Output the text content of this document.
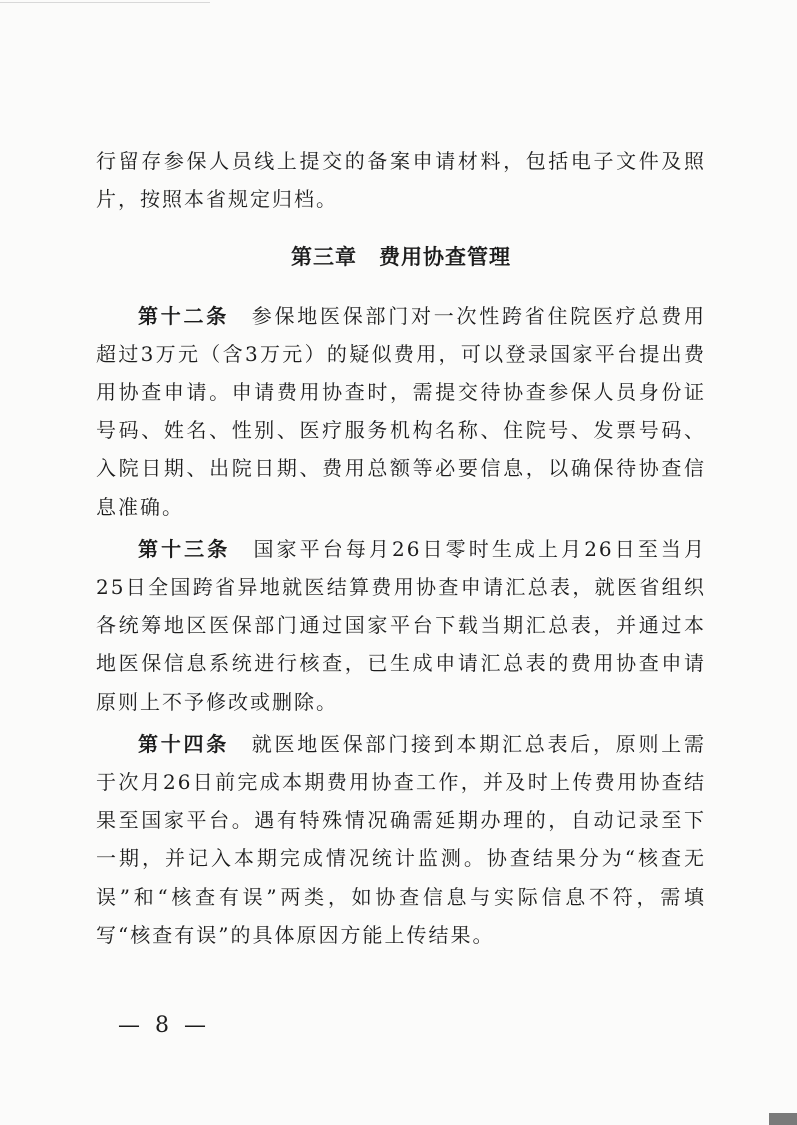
行留存参保人员线上提交的备案申请材料，包括电子文件及照片，按照本省规定归档。

第三章 费用协查管理

第十二条 参保地医保部门对一次性跨省住院医疗总费用超过3万元（含3万元）的疑似费用，可以登录国家平台提出费用协查申请。申请费用协查时，需提交待协查参保人员身份证号码、姓名、性别、医疗服务机构名称、住院号、发票号码、入院日期、出院日期、费用总额等必要信息，以确保待协查信息准确。

第十三条 国家平台每月26日零时生成上月26日至当月25日全国跨省异地就医结算费用协查申请汇总表，就医省组织各统筹地区医保部门通过国家平台下载当期汇总表，并通过本地医保信息系统进行核查，已生成申请汇总表的费用协查申请原则上不予修改或删除。

第十四条 就医地医保部门接到本期汇总表后，原则上需于次月26日前完成本期费用协查工作，并及时上传费用协查结果至国家平台。遇有特殊情况确需延期办理的，自动记录至下一期，并记入本期完成情况统计监测。协查结果分为“核查无误”和“核查有误”两类，如协查信息与实际信息不符，需填写“核查有误”的具体原因方能上传结果。

— 8 —
